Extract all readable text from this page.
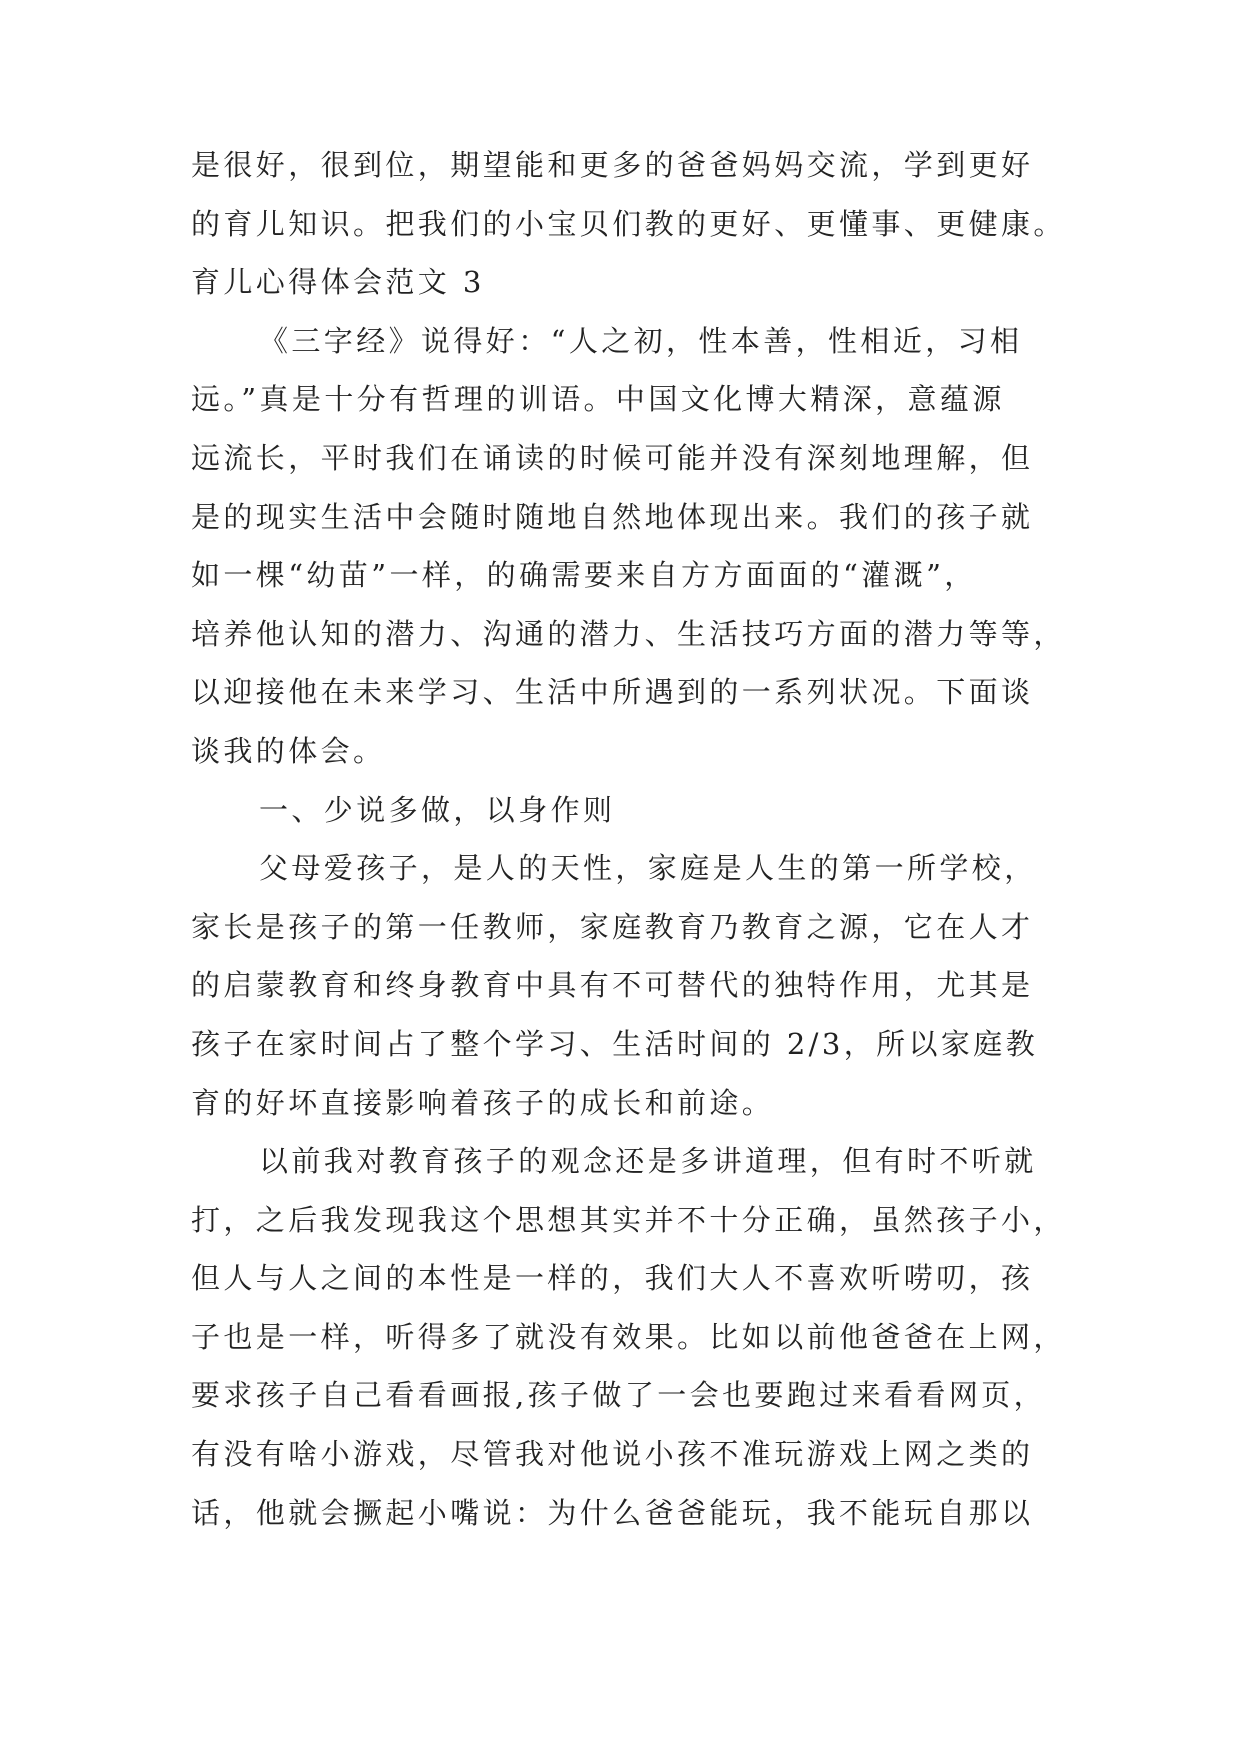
是很好，很到位，期望能和更多的爸爸妈妈交流，学到更好
的育儿知识。把我们的小宝贝们教的更好、更懂事、更健康。
育儿心得体会范文 3
《三字经》说得好：“人之初，性本善，性相近，习相
远。”真是十分有哲理的训语。中国文化博大精深，意蕴源
远流长，平时我们在诵读的时候可能并没有深刻地理解，但
是的现实生活中会随时随地自然地体现出来。我们的孩子就
如一棵“幼苗”一样，的确需要来自方方面面的“灌溉”，
培养他认知的潜力、沟通的潜力、生活技巧方面的潜力等等，
以迎接他在未来学习、生活中所遇到的一系列状况。下面谈
谈我的体会。
一、少说多做，以身作则
父母爱孩子，是人的天性，家庭是人生的第一所学校，
家长是孩子的第一任教师，家庭教育乃教育之源，它在人才
的启蒙教育和终身教育中具有不可替代的独特作用，尤其是
孩子在家时间占了整个学习、生活时间的 2/3，所以家庭教
育的好坏直接影响着孩子的成长和前途。
以前我对教育孩子的观念还是多讲道理，但有时不听就
打，之后我发现我这个思想其实并不十分正确，虽然孩子小，
但人与人之间的本性是一样的，我们大人不喜欢听唠叨，孩
子也是一样，听得多了就没有效果。比如以前他爸爸在上网，
要求孩子自己看看画报,孩子做了一会也要跑过来看看网页，
有没有啥小游戏，尽管我对他说小孩不准玩游戏上网之类的
话，他就会撅起小嘴说：为什么爸爸能玩，我不能玩自那以
